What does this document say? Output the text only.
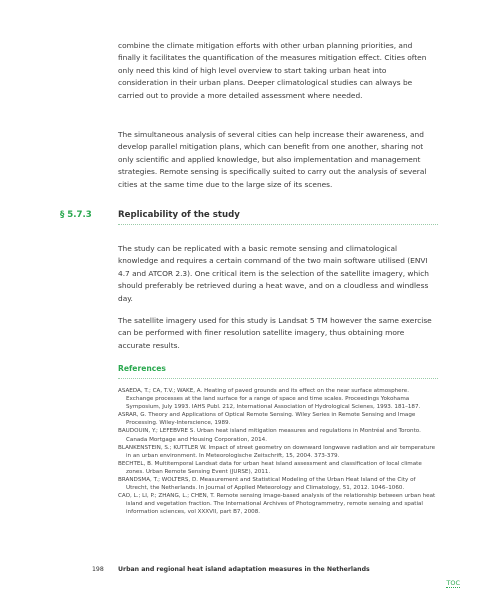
combine the climate mitigation efforts with other urban planning priorities, and finally it facilitates the quantification of the measures mitigation effect. Cities often only need this kind of high level overview to start taking urban heat into consideration in their urban plans. Deeper climatological studies can always be carried out to provide a more detailed assessment where needed.

The simultaneous analysis of several cities can help increase their awareness, and develop parallel mitigation plans, which can benefit from one another, sharing not only scientific and applied knowledge, but also implementation and management strategies. Remote sensing is specifically suited to carry out the analysis of several cities at the same time due to the large size of its scenes.

§ 5.7.3	Replicability of the study

The study can be replicated with a basic remote sensing and climatological knowledge and requires a certain command of the two main software utilised (ENVI 4.7 and ATCOR 2.3). One critical item is the selection of the satellite imagery, which should preferably be retrieved during a heat wave, and on a cloudless and windless day.

The satellite imagery used for this study is Landsat 5 TM however the same exercise can be performed with finer resolution satellite imagery, thus obtaining more accurate results.

References
ASAEDA, T.; CA, T.V.; WAKE, A. Heating of paved grounds and its effect on the near surface atmosphere. Exchange processes at the land surface for a range of space and time scales. Proceedings Yokohama Symposium, July 1993. IAHS Publ. 212, International Association of Hydrological Scienes, 1993. 181–187.
ASRAR, G. Theory and Applications of Optical Remote Sensing. Wiley Series in Remote Sensing and Image Processing. Wiley-Interscience, 1989.
BAUDOUIN, Y.; LEFEBVRE S. Urban heat island mitigation measures and regulations in Montréal and Toronto. Canada Mortgage and Housing Corporation, 2014.
BLANKENSTEIN, S.; KUTTLER W. Impact of street geometry on downward longwave radiation and air temperature in an urban environment. In Meteorologische Zeitschrift, 15, 2004. 373-379.
BECHTEL, B. Multitemporal Landsat data for urban heat island assessment and classification of local climate zones. Urban Remote Sensing Event (JURSE), 2011.
BRANDSMA, T.; WOLTERS, D. Measurement and Statistical Modeling of the Urban Heat Island of the City of Utrecht, the Netherlands. In Journal of Applied Meteorology and Climatology, 51, 2012. 1046–1060.
CAO, L.; LI, P.; ZHANG, L.; CHEN, T. Remote sensing image-based analysis of the relationship between urban heat island and vegetation fraction. The International Archives of Photogrammetry, remote sensing and spatial information sciences, vol XXXVII, part B7, 2008.
198 Urban and regional heat island adaptation measures in the Netherlands
TOC
